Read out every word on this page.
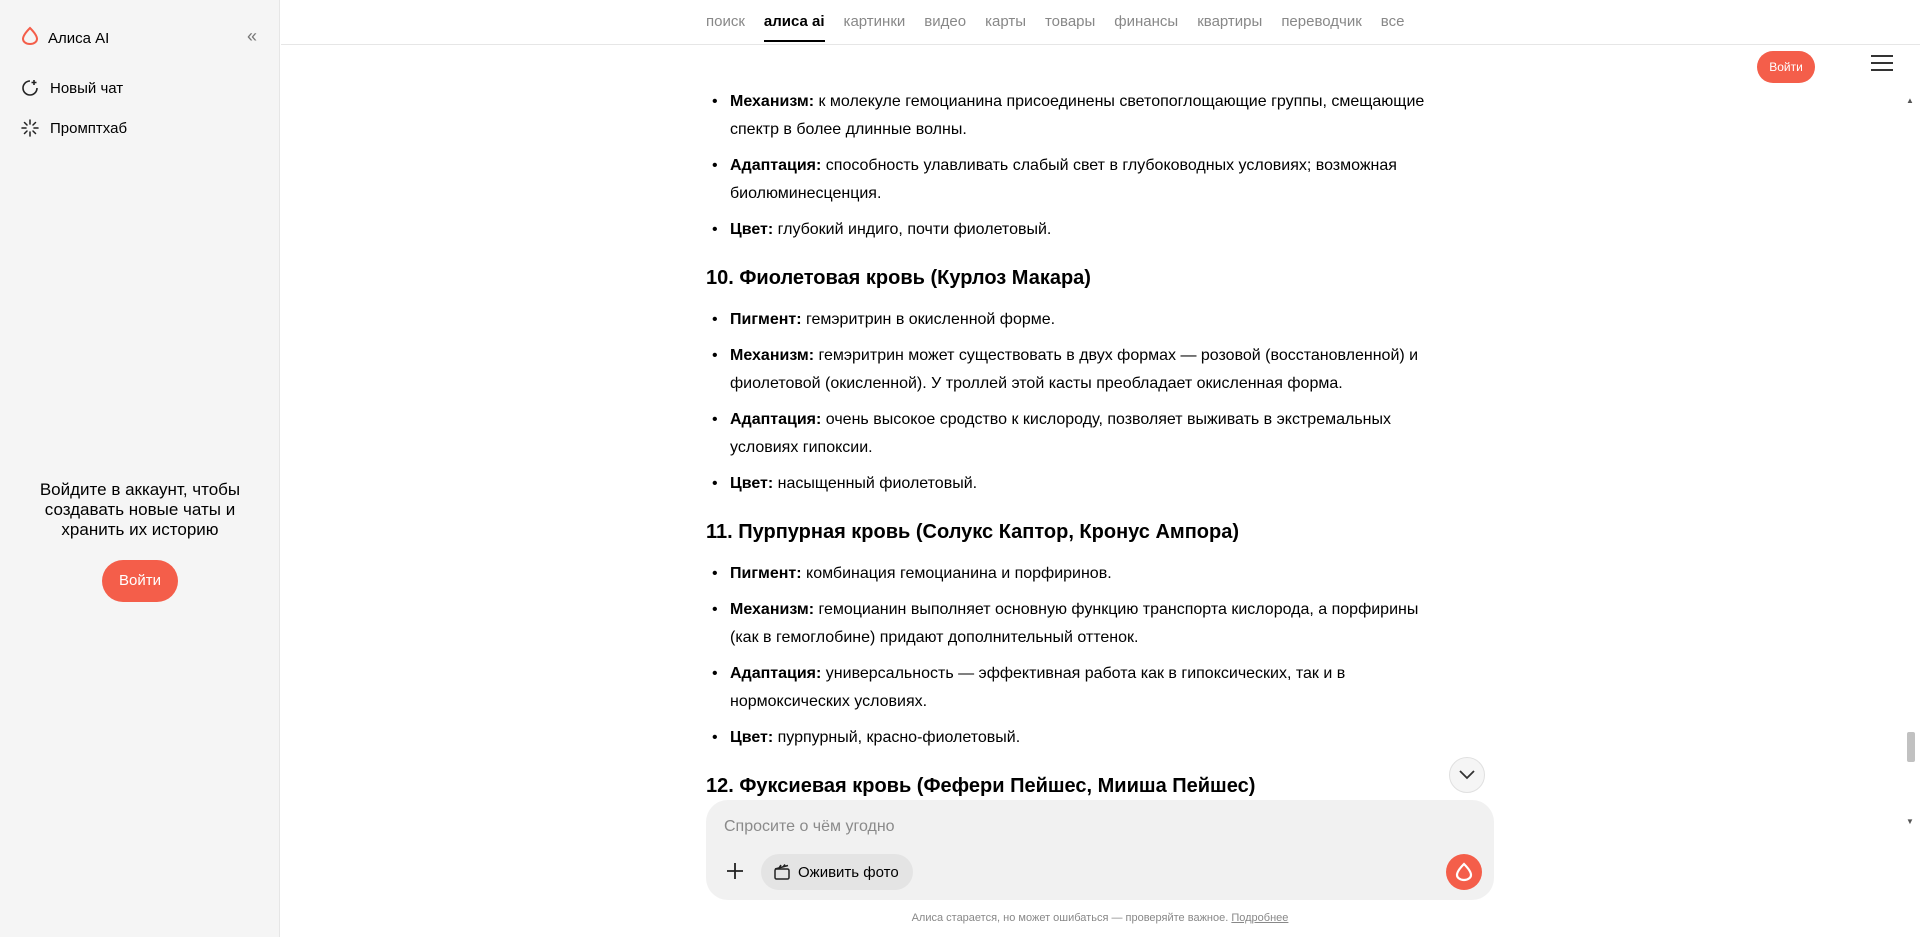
Алиса AI	«
Новый чат
Промптхаб
Войдите в аккаунт, чтобы создавать новые чаты и хранить их историю
Войти
поиск алиса ai картинки видео карты товары финансы квартиры переводчик все
Войти
• Механизм: к молекуле гемоцианина присоединены светопоглощающие группы, смещающие спектр в более длинные волны.
• Адаптация: способность улавливать слабый свет в глубоководных условиях; возможная биолюминесценция.
• Цвет: глубокий индиго, почти фиолетовый.
10. Фиолетовая кровь (Курлоз Макара)
• Пигмент: гемэритрин в окисленной форме.
• Механизм: гемэритрин может существовать в двух формах — розовой (восстановленной) и фиолетовой (окисленной). У троллей этой касты преобладает окисленная форма.
• Адаптация: очень высокое сродство к кислороду, позволяет выживать в экстремальных условиях гипоксии.
• Цвет: насыщенный фиолетовый.
11. Пурпурная кровь (Солукс Каптор, Кронус Ампора)
• Пигмент: комбинация гемоцианина и порфиринов.
• Механизм: гемоцианин выполняет основную функцию транспорта кислорода, а порфирины (как в гемоглобине) придают дополнительный оттенок.
• Адаптация: универсальность — эффективная работа как в гипоксических, так и в нормоксических условиях.
• Цвет: пурпурный, красно-фиолетовый.
12. Фуксиевая кровь (Фефери Пейшес, Мииша Пейшес)
▲
▼
Спросите о чём угодно
Оживить фото
Алиса старается, но может ошибаться — проверяйте важное. Подробнее
